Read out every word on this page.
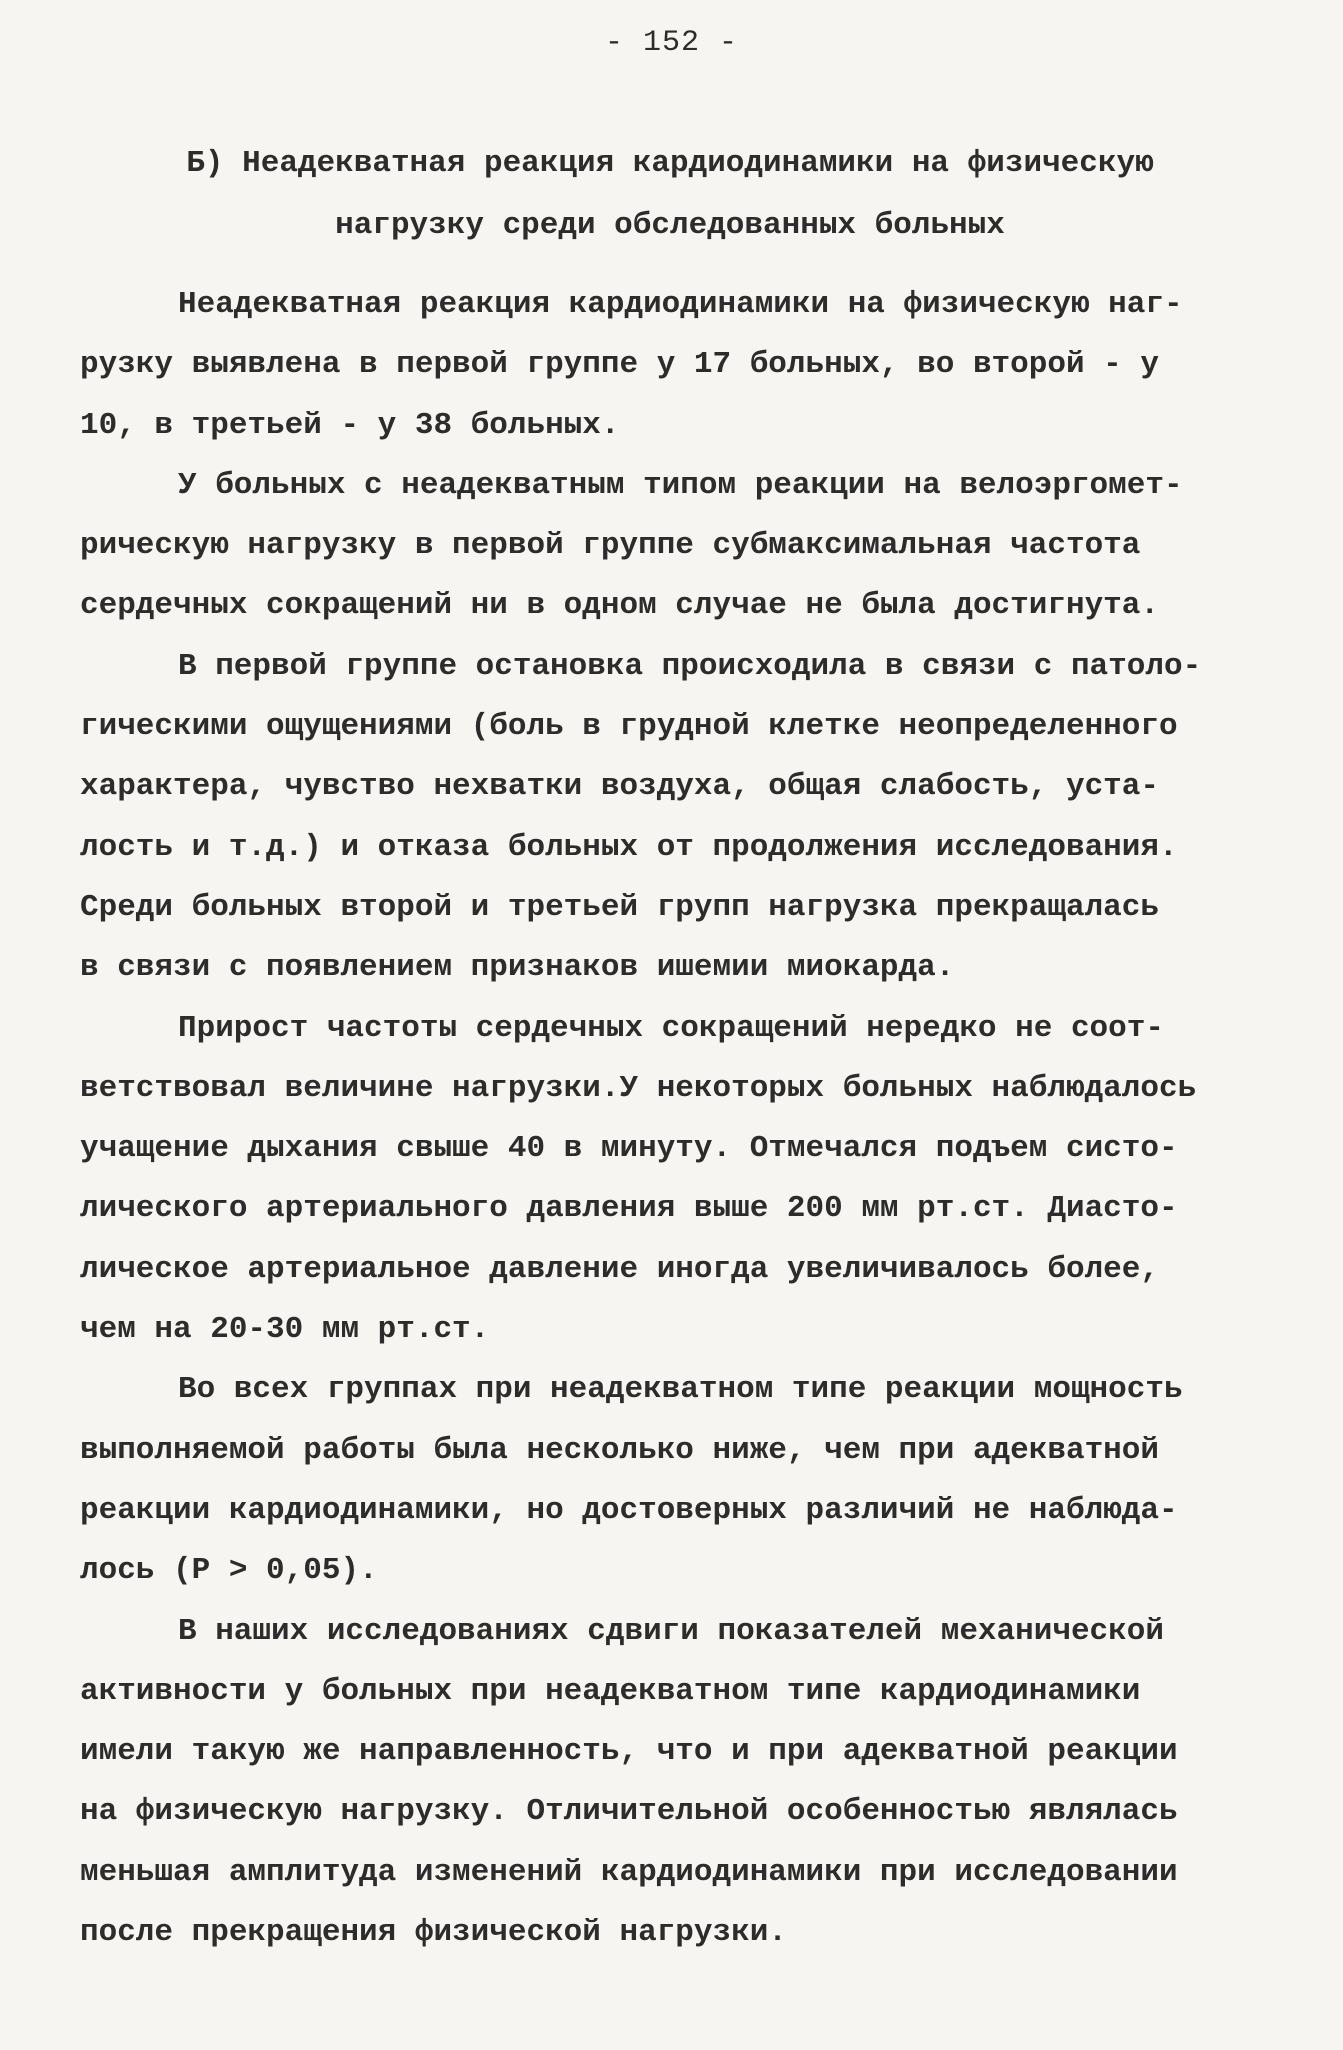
- 152 -

Б) Неадекватная реакция кардиодинамики на физическую
нагрузку среди обследованных больных
Неадекватная реакция кардиодинамики на физическую наг-
рузку выявлена в первой группе у 17 больных, во второй - у
10, в третьей - у 38 больных.
У больных с неадекватным типом реакции на велоэргомет-
рическую нагрузку в первой группе субмаксимальная частота
сердечных сокращений ни в одном случае не была достигнута.
В первой группе остановка происходила в связи с патоло-
гическими ощущениями (боль в грудной клетке неопределенного
характера, чувство нехватки воздуха, общая слабость, уста-
лость и т.д.) и отказа больных от продолжения исследования.
Среди больных второй и третьей групп нагрузка прекращалась
в связи с появлением признаков ишемии миокарда.
Прирост частоты сердечных сокращений нередко не соот-
ветствовал величине нагрузки.У некоторых больных наблюдалось
учащение дыхания свыше 40 в минуту. Отмечался подъем систо-
лического артериального давления выше 200 мм рт.ст. Диасто-
лическое артериальное давление иногда увеличивалось более,
чем на 20-30 мм рт.ст.
Во всех группах при неадекватном типе реакции мощность
выполняемой работы была несколько ниже, чем при адекватной
реакции кардиодинамики, но достоверных различий не наблюда-
лось (Р > 0,05).
В наших исследованиях сдвиги показателей механической
активности у больных при неадекватном типе кардиодинамики
имели такую же направленность, что и при адекватной реакции
на физическую нагрузку. Отличительной особенностью являлась
меньшая амплитуда изменений кардиодинамики при исследовании
после прекращения физической нагрузки.
